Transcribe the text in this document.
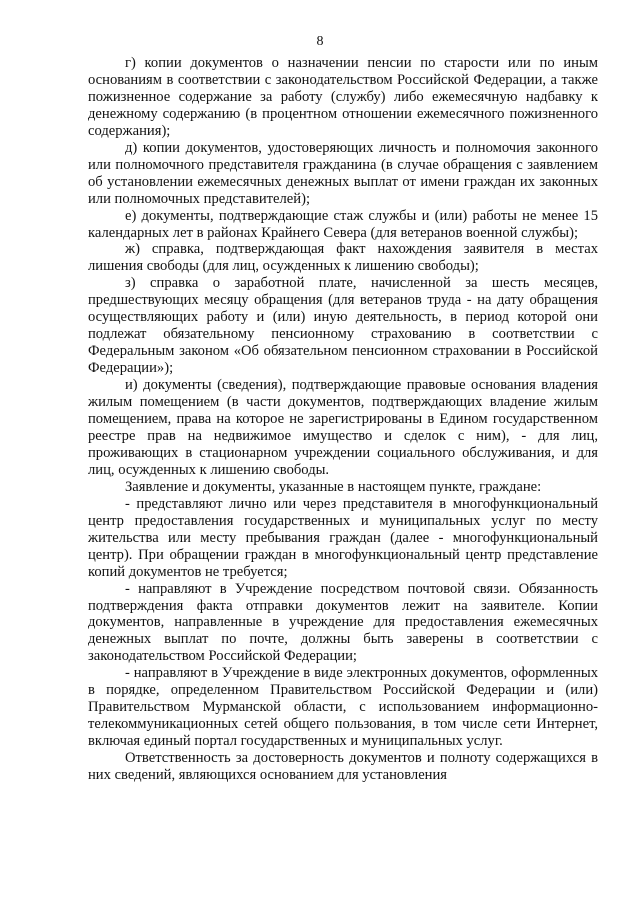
8

г) копии документов о назначении пенсии по старости или по иным основаниям в соответствии с законодательством Российской Федерации, а также пожизненное содержание за работу (службу) либо ежемесячную надбавку к денежному содержанию (в процентном отношении ежемесячного пожизненного содержания);

д) копии документов, удостоверяющих личность и полномочия законного или полномочного представителя гражданина (в случае обращения с заявлением об установлении ежемесячных денежных выплат от имени граждан их законных или полномочных представителей);

е) документы, подтверждающие стаж службы и (или) работы не менее 15 календарных лет в районах Крайнего Севера (для ветеранов военной службы);

ж) справка, подтверждающая факт нахождения заявителя в местах лишения свободы (для лиц, осужденных к лишению свободы);

з) справка о заработной плате, начисленной за шесть месяцев, предшествующих месяцу обращения (для ветеранов труда - на дату обращения осуществляющих работу и (или) иную деятельность, в период которой они подлежат обязательному пенсионному страхованию в соответствии с Федеральным законом «Об обязательном пенсионном страховании в Российской Федерации»);

и) документы (сведения), подтверждающие правовые основания владения жилым помещением (в части документов, подтверждающих владение жилым помещением, права на которое не зарегистрированы в Едином государственном реестре прав на недвижимое имущество и сделок с ним), - для лиц, проживающих в стационарном учреждении социального обслуживания, и для лиц, осужденных к лишению свободы.

Заявление и документы, указанные в настоящем пункте, граждане:

- представляют лично или через представителя в многофункциональный центр предоставления государственных и муниципальных услуг по месту жительства или месту пребывания граждан (далее - многофункциональный центр). При обращении граждан в многофункциональный центр представление копий документов не требуется;

- направляют в Учреждение посредством почтовой связи. Обязанность подтверждения факта отправки документов лежит на заявителе. Копии документов, направленные в учреждение для предоставления ежемесячных денежных выплат по почте, должны быть заверены в соответствии с законодательством Российской Федерации;

- направляют в Учреждение в виде электронных документов, оформленных в порядке, определенном Правительством Российской Федерации и (или) Правительством Мурманской области, с использованием информационно-телекоммуникационных сетей общего пользования, в том числе сети Интернет, включая единый портал государственных и муниципальных услуг.

Ответственность за достоверность документов и полноту содержащихся в них сведений, являющихся основанием для установления
